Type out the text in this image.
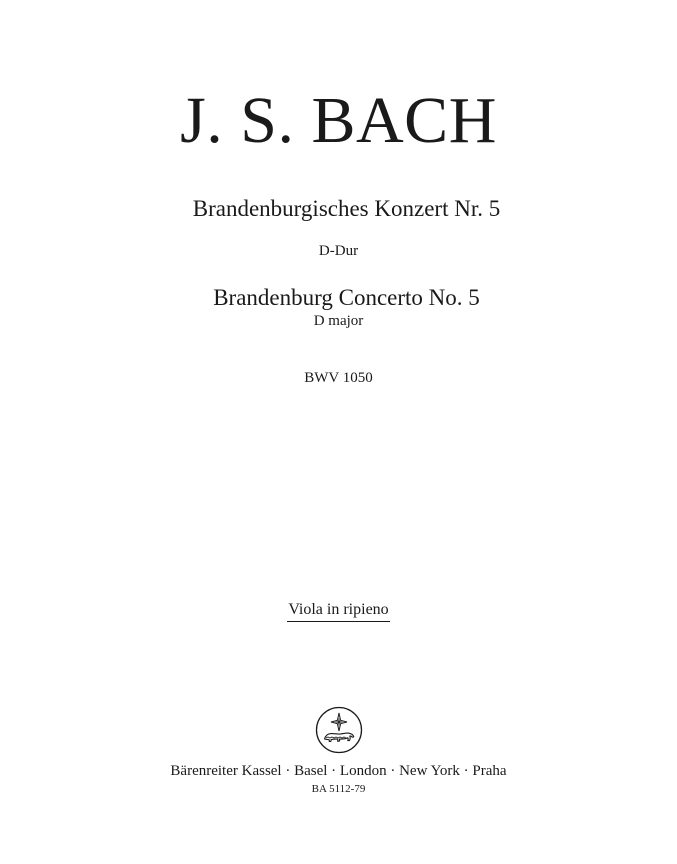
J. S. BACH
Brandenburgisches Konzert Nr. 5
D-Dur
Brandenburg Concerto No. 5
D major
BWV 1050
Viola in ripieno
Bärenreiter Kassel · Basel · London · New York · Praha
BA 5112-79
